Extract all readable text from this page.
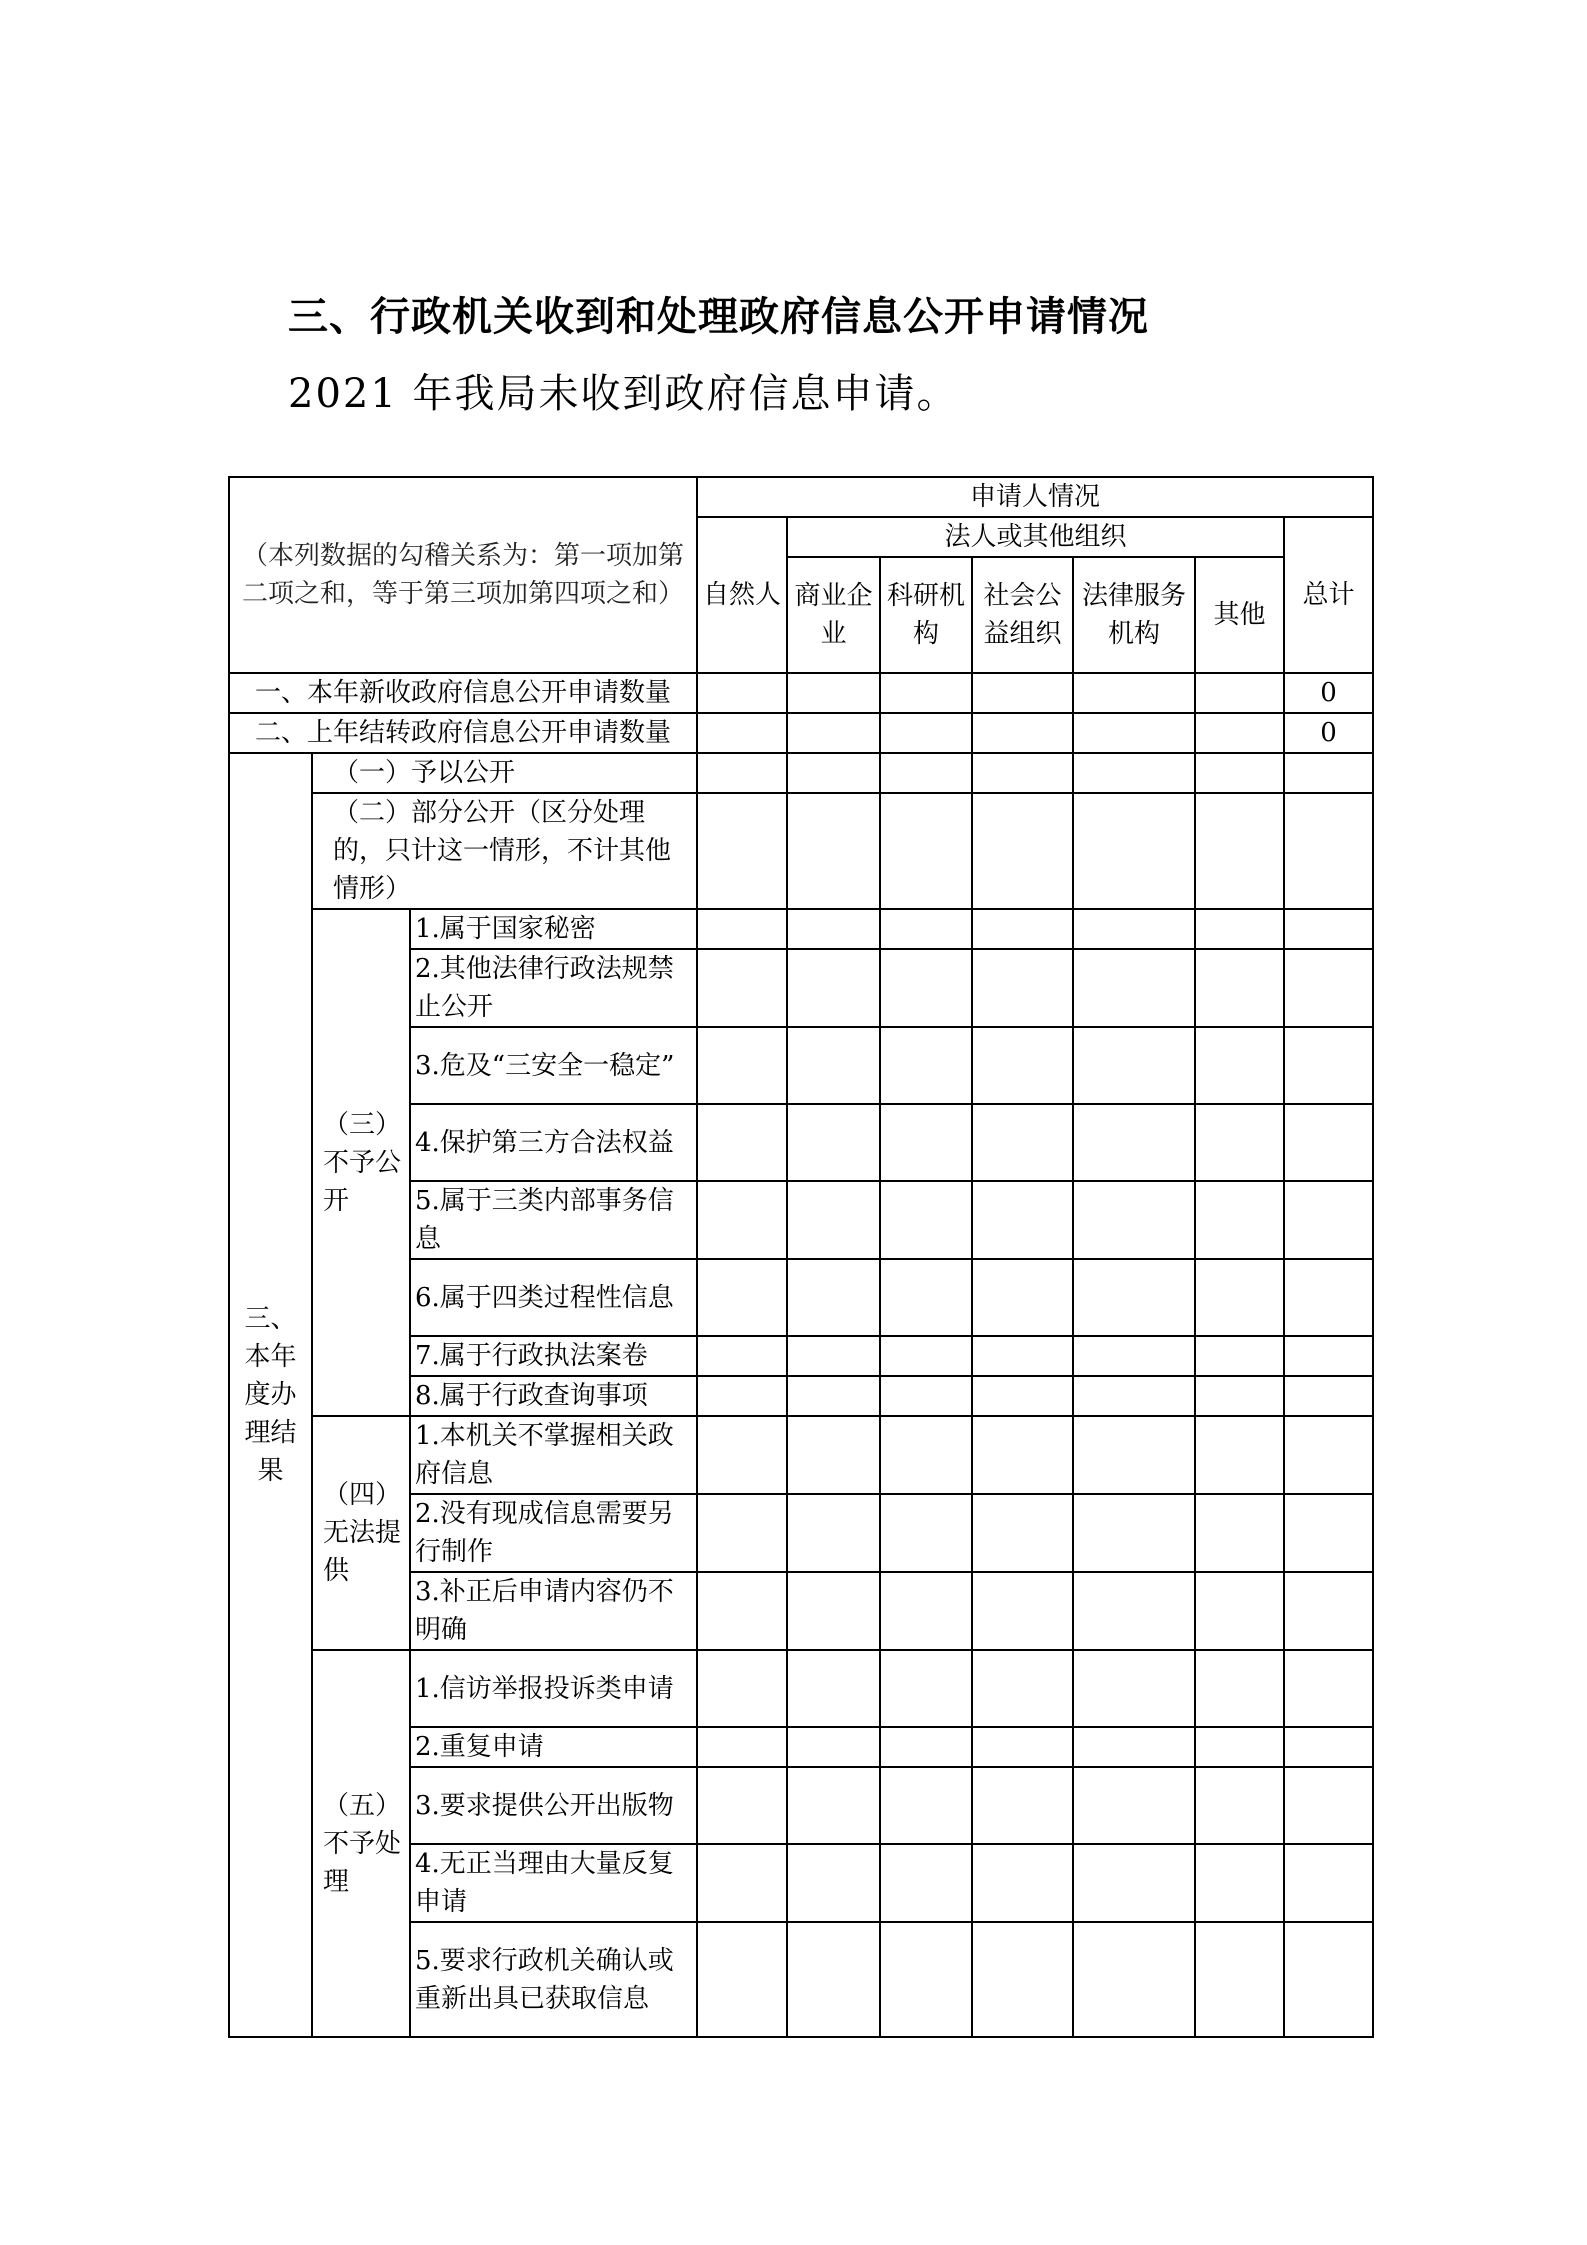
三、行政机关收到和处理政府信息公开申请情况

2021 年我局未收到政府信息申请。

（本列数据的勾稽关系为：第一项加第二项之和，等于第三项加第四项之和）			申请人情况						
			自然人	法人或其他组织					总计
				商业企业	科研机构	社会公益组织	法律服务机构	其他	
一、本年新收政府信息公开申请数量									0
二、上年结转政府信息公开申请数量									0
三、本年度办理结果	（一）予以公开								
	（二）部分公开（区分处理的，只计这一情形，不计其他情形）								
	（三）不予公开	1.属于国家秘密							
		2.其他法律行政法规禁止公开							
		3.危及“三安全一稳定”							
		4.保护第三方合法权益							
		5.属于三类内部事务信息							
		6.属于四类过程性信息							
		7.属于行政执法案卷							
		8.属于行政查询事项							
	（四）无法提供	1.本机关不掌握相关政府信息							
		2.没有现成信息需要另行制作							
		3.补正后申请内容仍不明确							
	（五）不予处理	1.信访举报投诉类申请							
		2.重复申请							
		3.要求提供公开出版物							
		4.无正当理由大量反复申请							
		5.要求行政机关确认或重新出具已获取信息							
